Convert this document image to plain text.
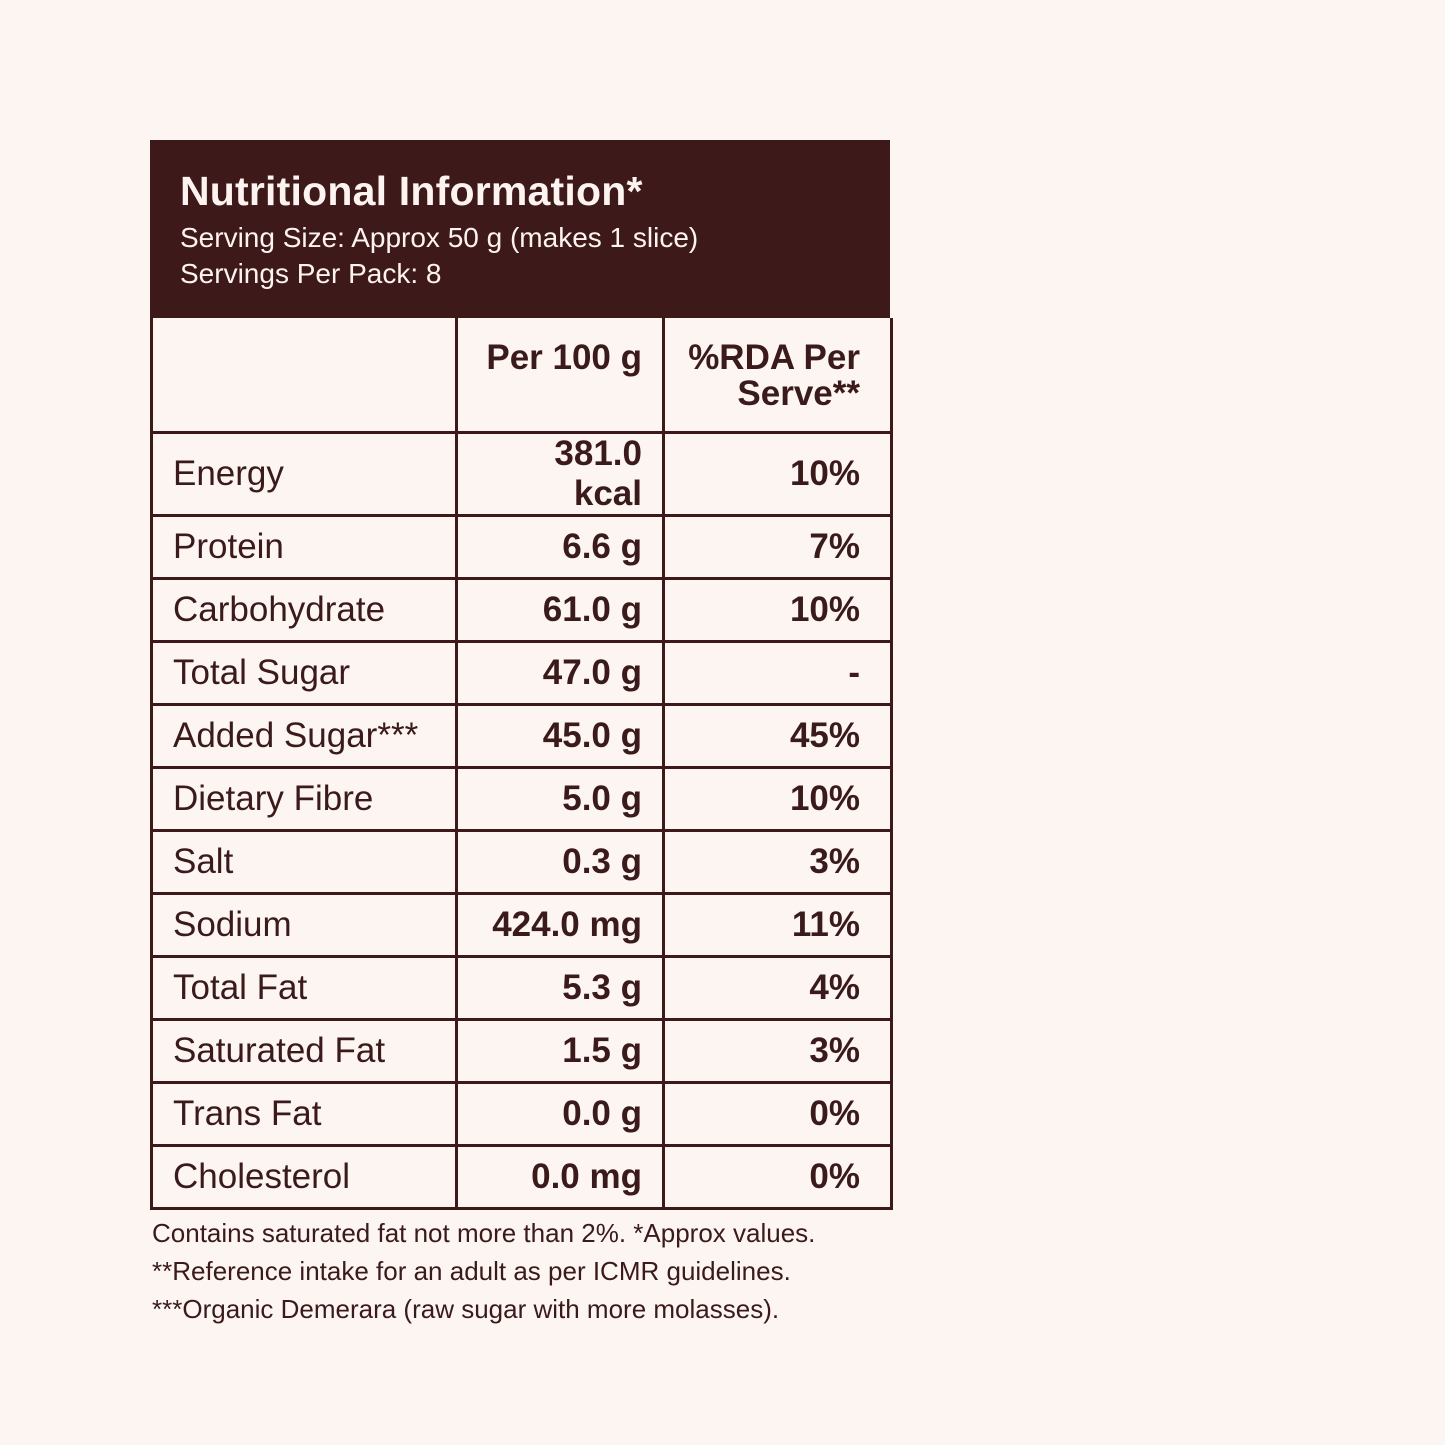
Nutritional Information*
Serving Size: Approx 50 g (makes 1 slice)
Servings Per Pack: 8
	Per 100 g	%RDA Per Serve**
Energy	381.0 kcal	10%
Protein	6.6 g	7%
Carbohydrate	61.0 g	10%
Total Sugar	47.0 g	-
Added Sugar***	45.0 g	45%
Dietary Fibre	5.0 g	10%
Salt	0.3 g	3%
Sodium	424.0 mg	11%
Total Fat	5.3 g	4%
Saturated Fat	1.5 g	3%
Trans Fat	0.0 g	0%
Cholesterol	0.0 mg	0%
Contains saturated fat not more than 2%. *Approx values.
**Reference intake for an adult as per ICMR guidelines.
***Organic Demerara (raw sugar with more molasses).
